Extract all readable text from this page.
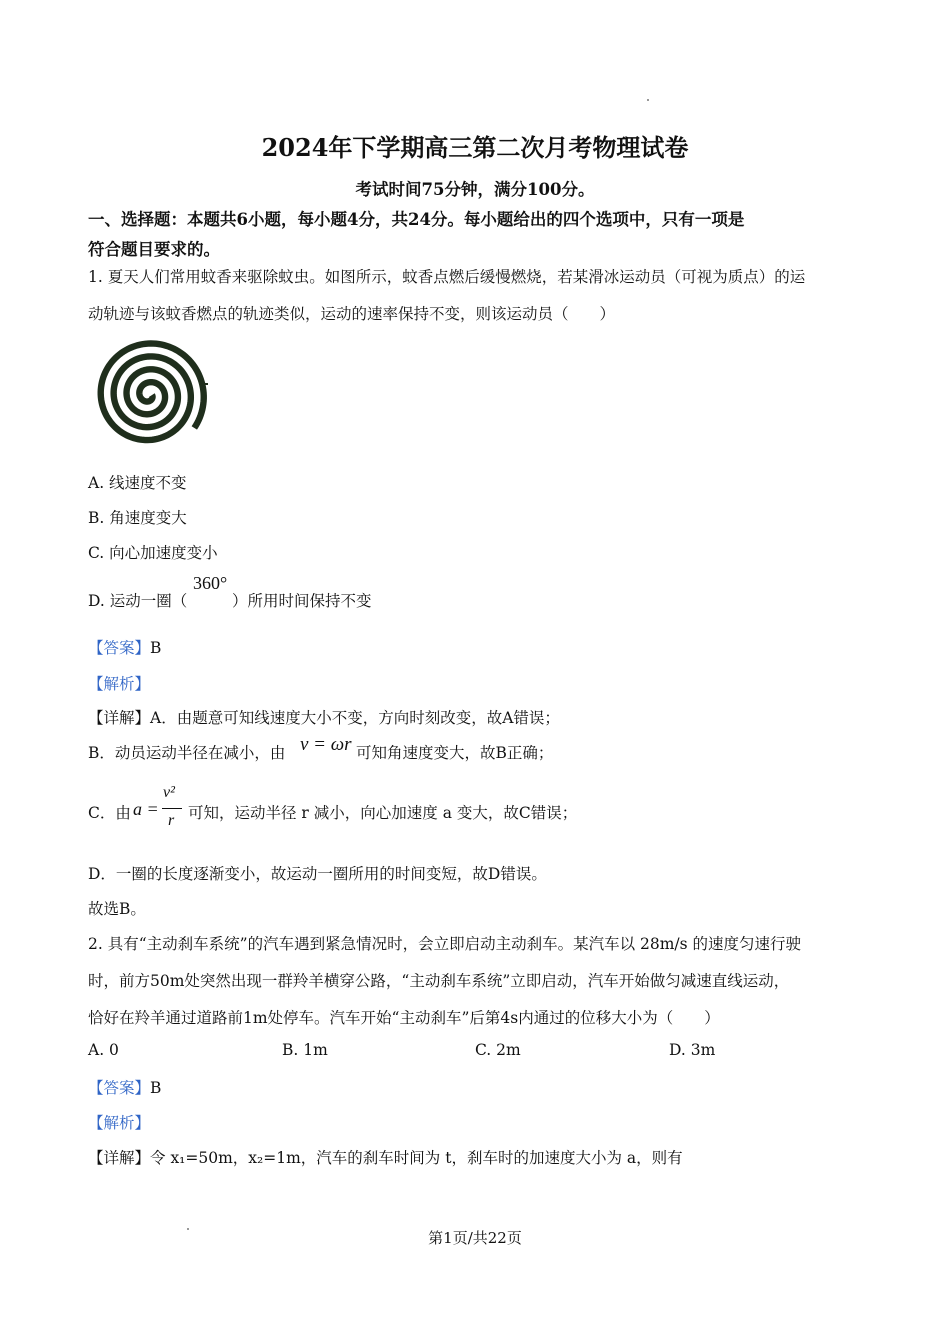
2024年下学期高三第二次月考物理试卷
考试时间75分钟，满分100分。
一、选择题：本题共6小题，每小题4分，共24分。每小题给出的四个选项中，只有一项是
符合题目要求的。
1. 夏天人们常用蚊香来驱除蚊虫。如图所示，蚊香点燃后缓慢燃烧，若某滑冰运动员（可视为质点）的运
动轨迹与该蚊香燃点的轨迹类似，运动的速率保持不变，则该运动员（　　）
A. 线速度不变
B. 角速度变大
C. 向心加速度变小
D. 运动一圈（
360°
）所用时间保持不变
【答案】B
【解析】
【详解】A．由题意可知线速度大小不变，方向时刻改变，故A错误；
B．动员运动半径在减小，由 v = ωr 可知角速度变大，故B正确；
C．由 a =
v²
r 可知，运动半径 r 减小，向心加速度 a 变大，故C错误；
D．一圈的长度逐渐变小，故运动一圈所用的时间变短，故D错误。
故选B。
2. 具有“主动刹车系统”的汽车遇到紧急情况时，会立即启动主动刹车。某汽车以 28m/s 的速度匀速行驶
时，前方50m处突然出现一群羚羊横穿公路，“主动刹车系统”立即启动，汽车开始做匀减速直线运动，
恰好在羚羊通过道路前1m处停车。汽车开始“主动刹车”后第4s内通过的位移大小为（　　）
A. 0	B. 1m	C. 2m	D. 3m
【答案】B
【解析】
【详解】令 x₁=50m，x₂=1m，汽车的刹车时间为 t，刹车时的加速度大小为 a，则有
第1页/共22页
